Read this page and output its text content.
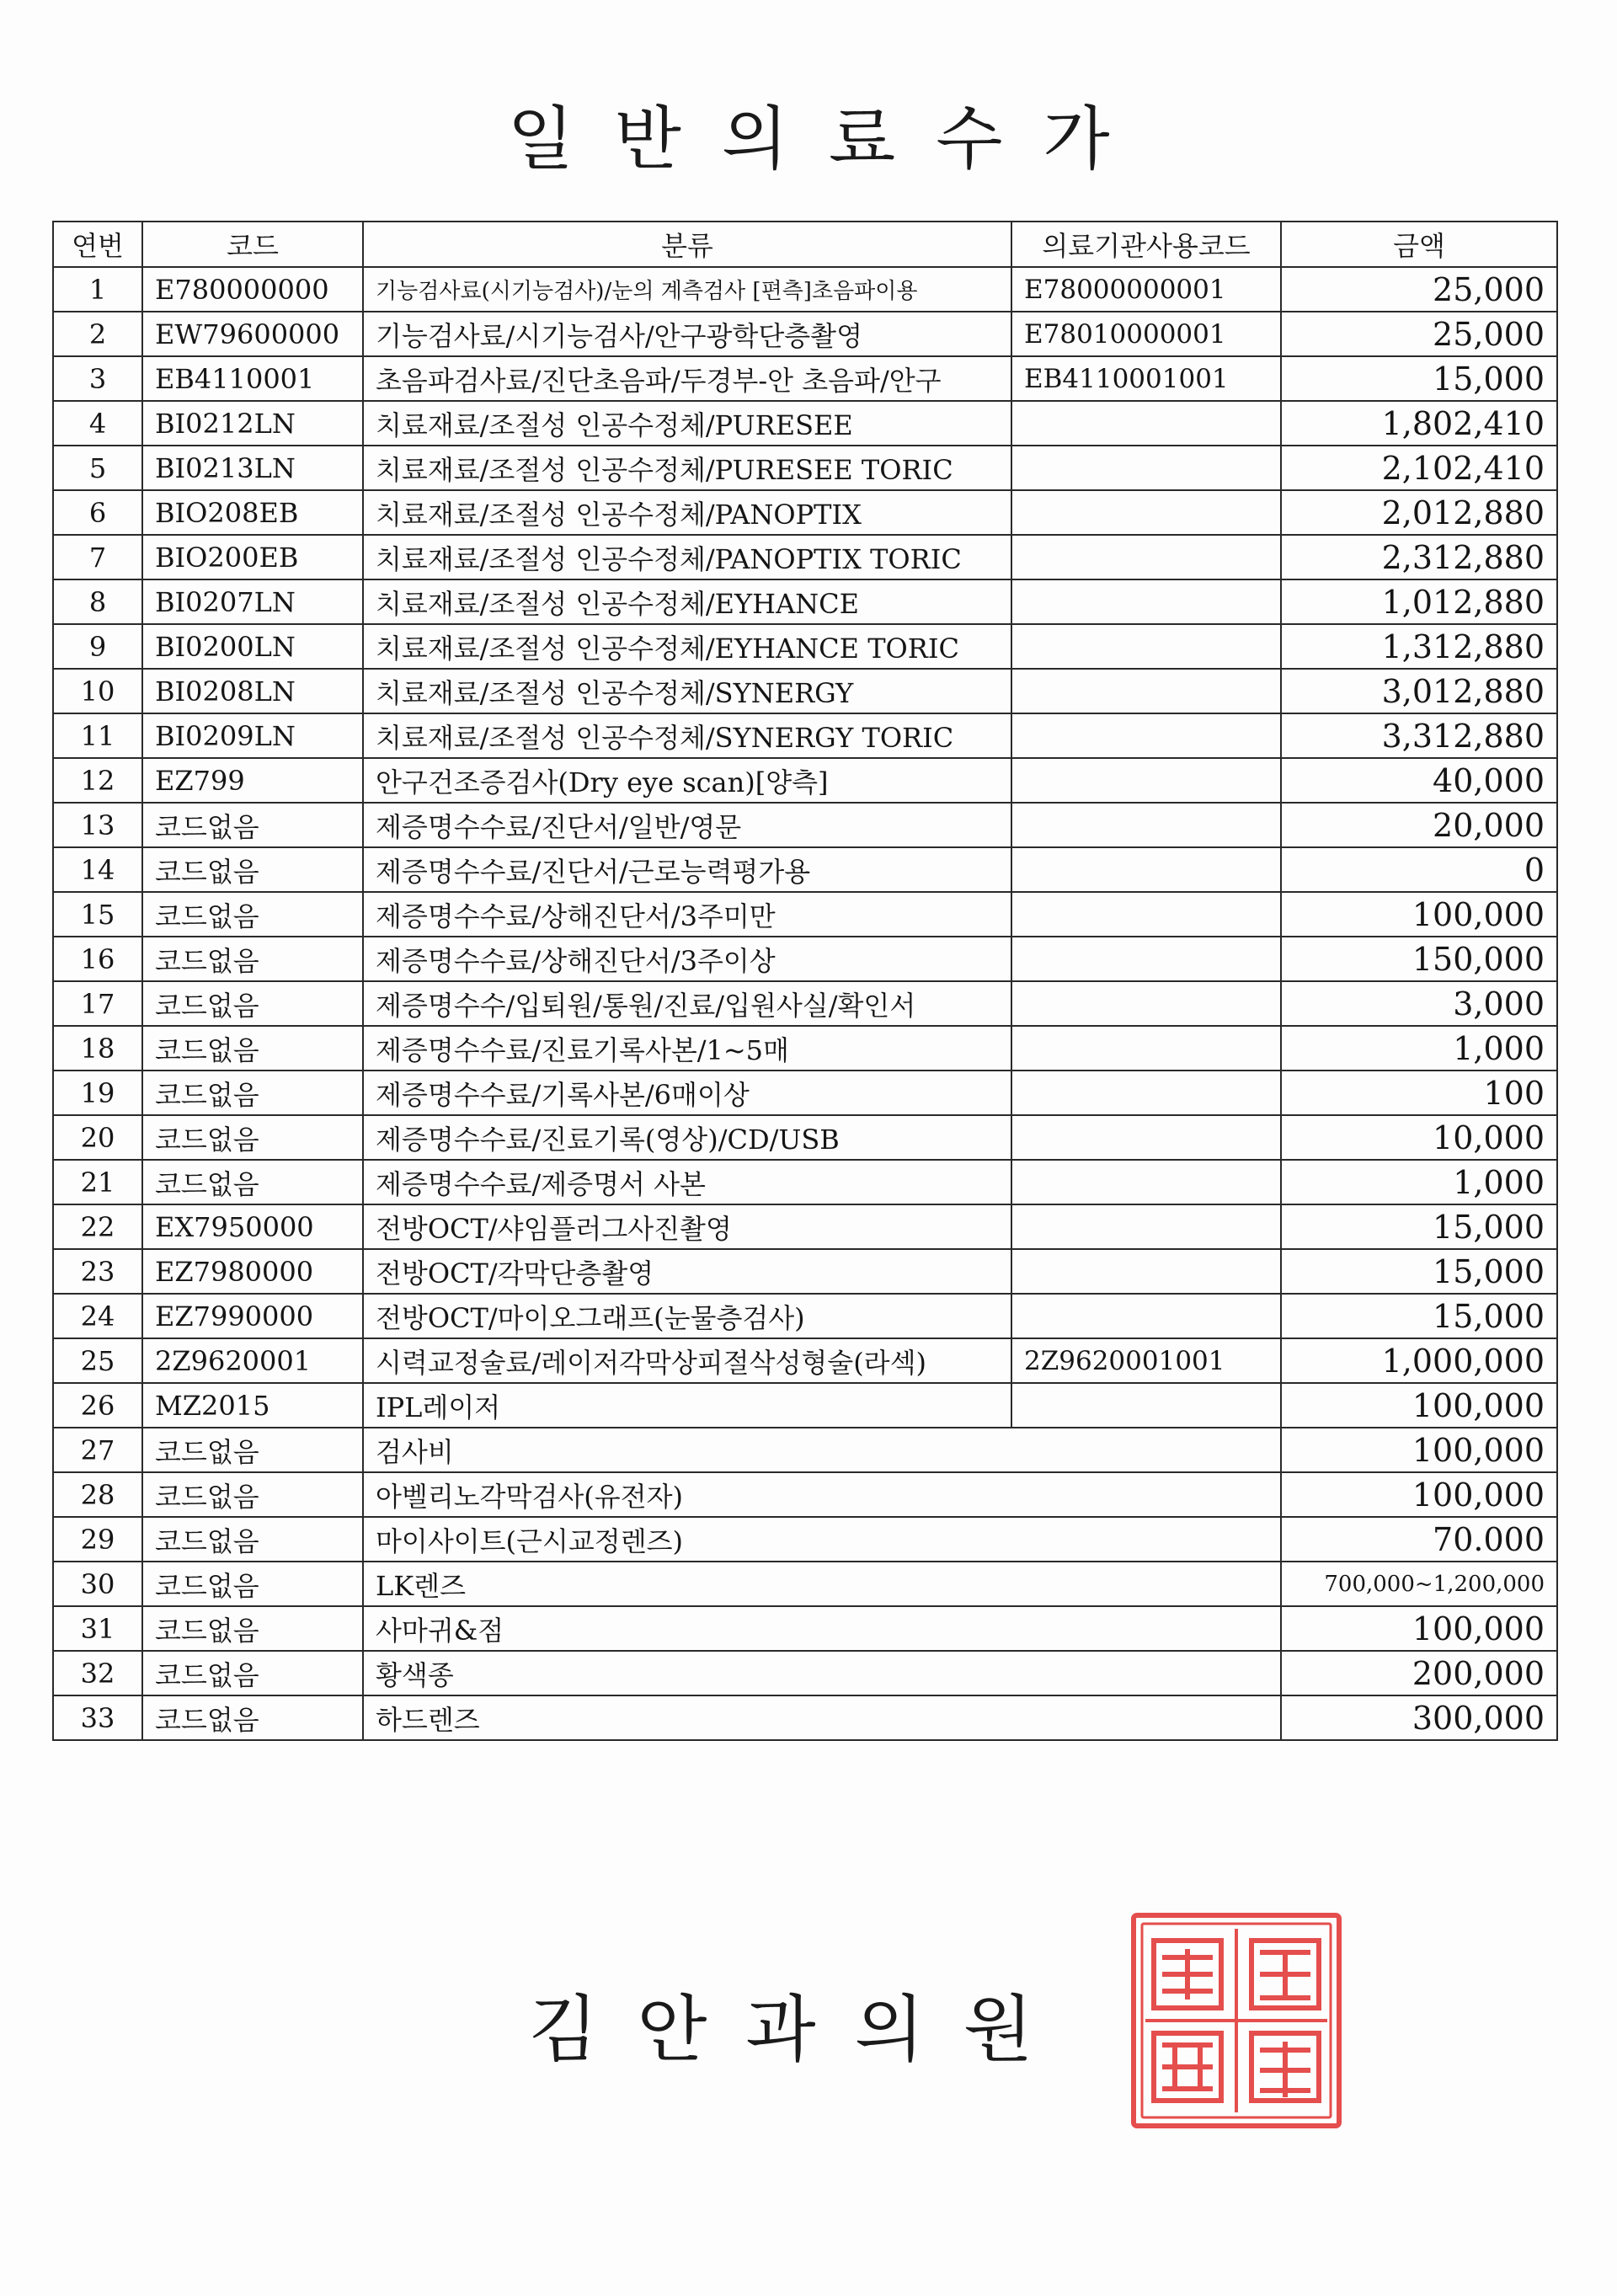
일반의료수가
연번	코드	분류	의료기관사용코드	금액
1	E780000000	기능검사료(시기능검사)/눈의 계측검사 [편측]초음파이용	E78000000001	25,000
2	EW79600000	기능검사료/시기능검사/안구광학단층촬영	E78010000001	25,000
3	EB4110001	초음파검사료/진단초음파/두경부-안 초음파/안구	EB4110001001	15,000
4	BI0212LN	치료재료/조절성 인공수정체/PURESEE		1,802,410
5	BI0213LN	치료재료/조절성 인공수정체/PURESEE TORIC		2,102,410
6	BIO208EB	치료재료/조절성 인공수정체/PANOPTIX		2,012,880
7	BIO200EB	치료재료/조절성 인공수정체/PANOPTIX TORIC		2,312,880
8	BI0207LN	치료재료/조절성 인공수정체/EYHANCE		1,012,880
9	BI0200LN	치료재료/조절성 인공수정체/EYHANCE TORIC		1,312,880
10	BI0208LN	치료재료/조절성 인공수정체/SYNERGY		3,012,880
11	BI0209LN	치료재료/조절성 인공수정체/SYNERGY TORIC		3,312,880
12	EZ799	안구건조증검사(Dry eye scan)[양측]		40,000
13	코드없음	제증명수수료/진단서/일반/영문		20,000
14	코드없음	제증명수수료/진단서/근로능력평가용		0
15	코드없음	제증명수수료/상해진단서/3주미만		100,000
16	코드없음	제증명수수료/상해진단서/3주이상		150,000
17	코드없음	제증명수수/입퇴원/통원/진료/입원사실/확인서		3,000
18	코드없음	제증명수수료/진료기록사본/1~5매		1,000
19	코드없음	제증명수수료/기록사본/6매이상		100
20	코드없음	제증명수수료/진료기록(영상)/CD/USB		10,000
21	코드없음	제증명수수료/제증명서 사본		1,000
22	EX7950000	전방OCT/샤임플러그사진촬영		15,000
23	EZ7980000	전방OCT/각막단층촬영		15,000
24	EZ7990000	전방OCT/마이오그래프(눈물층검사)		15,000
25	2Z9620001	시력교정술료/레이저각막상피절삭성형술(라섹)	2Z9620001001	1,000,000
26	MZ2015	IPL레이저		100,000
27	코드없음	검사비		100,000
28	코드없음	아벨리노각막검사(유전자)		100,000
29	코드없음	마이사이트(근시교정렌즈)		70.000
30	코드없음	LK렌즈		700,000~1,200,000
31	코드없음	사마귀&점		100,000
32	코드없음	황색종		200,000
33	코드없음	하드렌즈		300,000
김안과의원
